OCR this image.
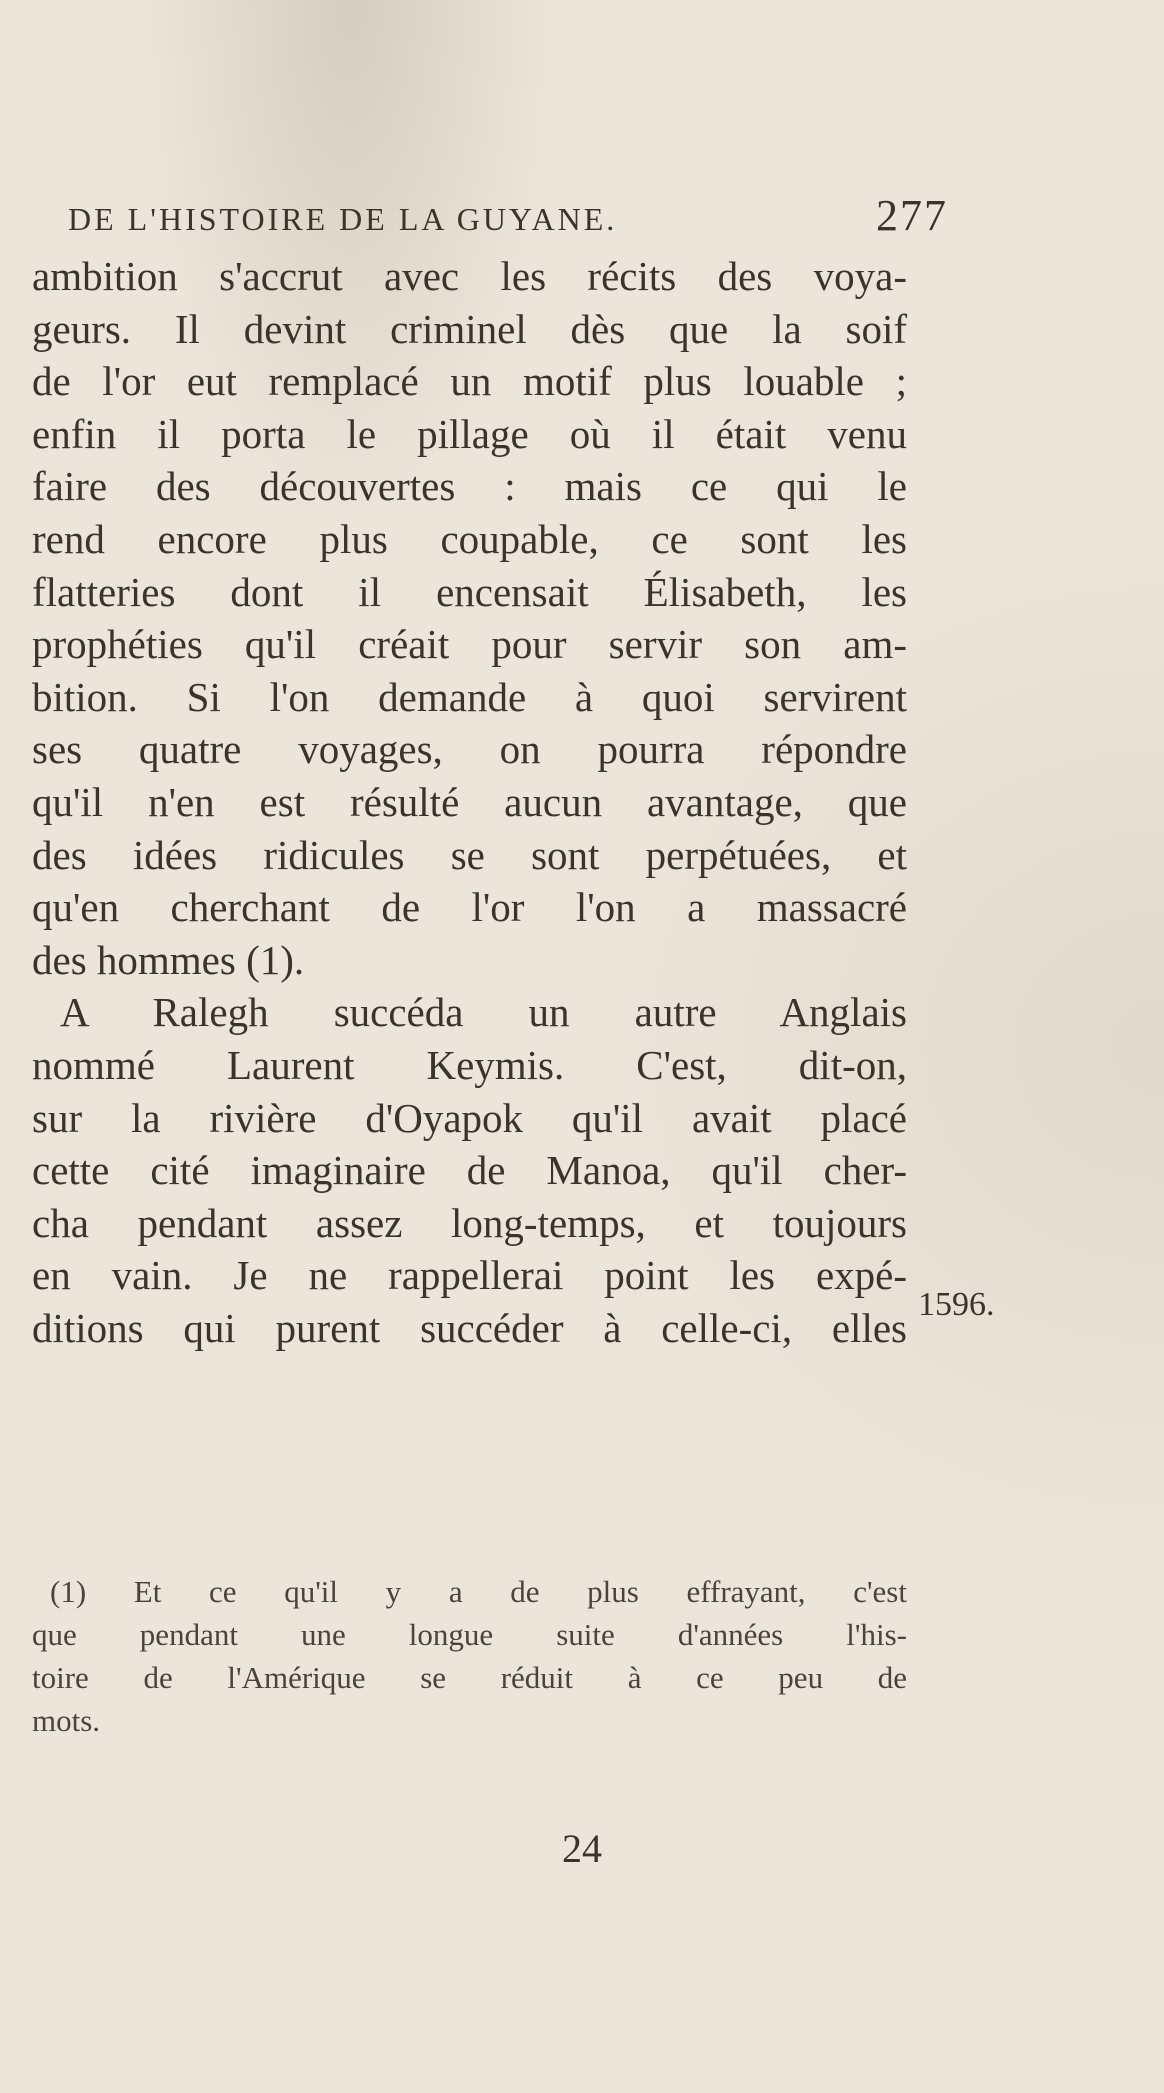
DE L'HISTOIRE DE LA GUYANE.	277
ambition s'accrut avec les récits des voya-
geurs. Il devint criminel dès que la soif
de l'or eut remplacé un motif plus louable ;
enfin il porta le pillage où il était venu
faire des découvertes : mais ce qui le
rend encore plus coupable, ce sont les
flatteries dont il encensait Élisabeth, les
prophéties qu'il créait pour servir son am-
bition. Si l'on demande à quoi servirent
ses quatre voyages, on pourra répondre
qu'il n'en est résulté aucun avantage, que
des idées ridicules se sont perpétuées, et
qu'en cherchant de l'or l'on a massacré
des hommes (1).
A Ralegh succéda un autre Anglais
nommé Laurent Keymis. C'est, dit-on,
sur la rivière d'Oyapok qu'il avait placé
cette cité imaginaire de Manoa, qu'il cher-
cha pendant assez long-temps, et toujours
en vain. Je ne rappellerai point les expé-
ditions qui purent succéder à celle-ci, elles
1596.
(1) Et ce qu'il y a de plus effrayant, c'est
que pendant une longue suite d'années l'his-
toire de l'Amérique se réduit à ce peu de
mots.
24
